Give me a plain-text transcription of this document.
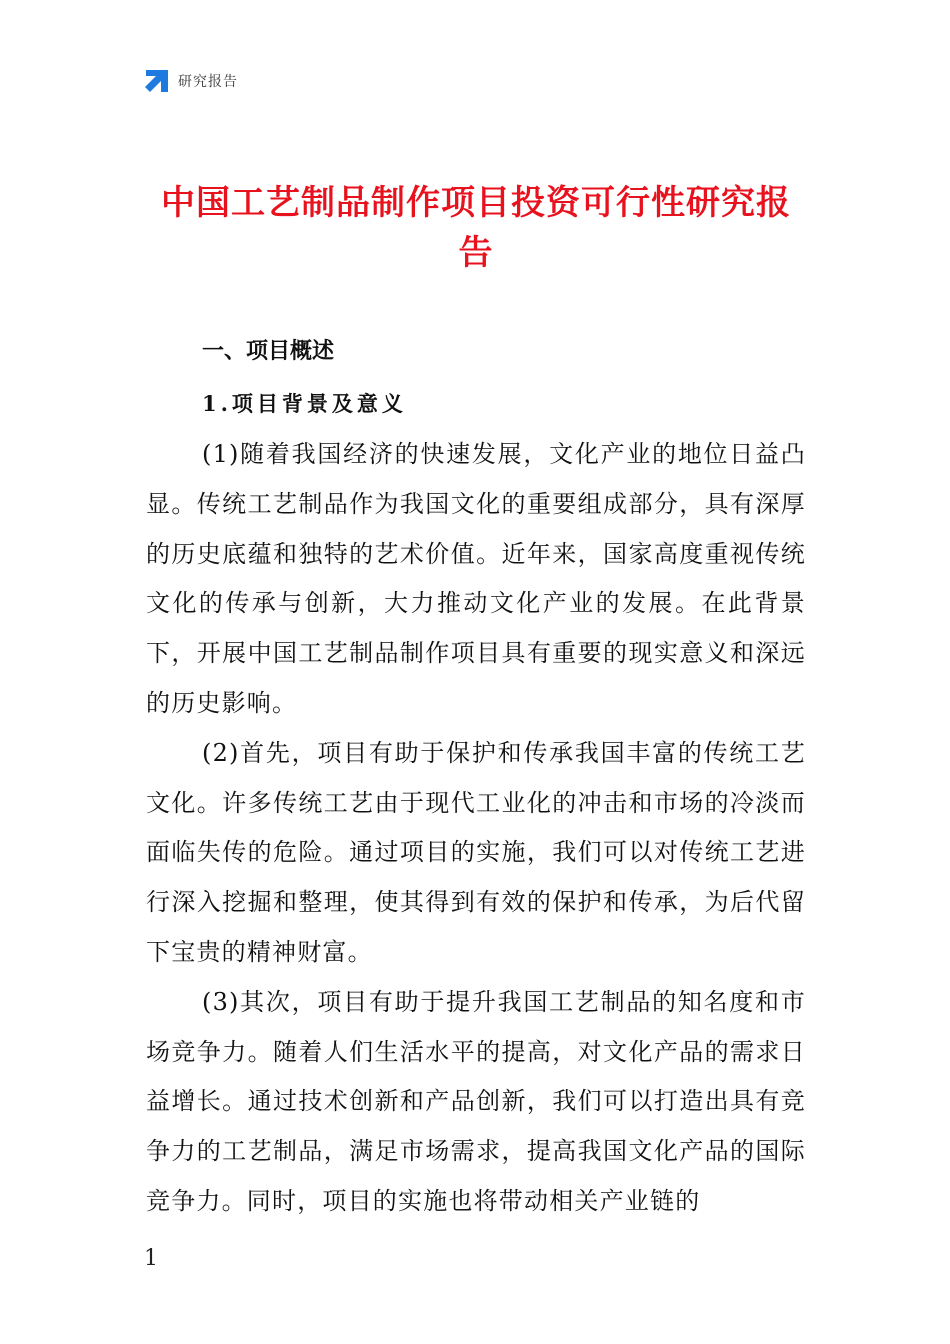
研究报告
中国工艺制品制作项目投资可行性研究报告
一、项目概述
1.项目背景及意义

(1)随着我国经济的快速发展，文化产业的地位日益凸显。传统工艺制品作为我国文化的重要组成部分，具有深厚的历史底蕴和独特的艺术价值。近年来，国家高度重视传统文化的传承与创新，大力推动文化产业的发展。在此背景下，开展中国工艺制品制作项目具有重要的现实意义和深远的历史影响。

(2)首先，项目有助于保护和传承我国丰富的传统工艺文化。许多传统工艺由于现代工业化的冲击和市场的冷淡而面临失传的危险。通过项目的实施，我们可以对传统工艺进行深入挖掘和整理，使其得到有效的保护和传承，为后代留下宝贵的精神财富。

(3)其次，项目有助于提升我国工艺制品的知名度和市场竞争力。随着人们生活水平的提高，对文化产品的需求日益增长。通过技术创新和产品创新，我们可以打造出具有竞争力的工艺制品，满足市场需求，提高我国文化产品的国际竞争力。同时，项目的实施也将带动相关产业链的

1
